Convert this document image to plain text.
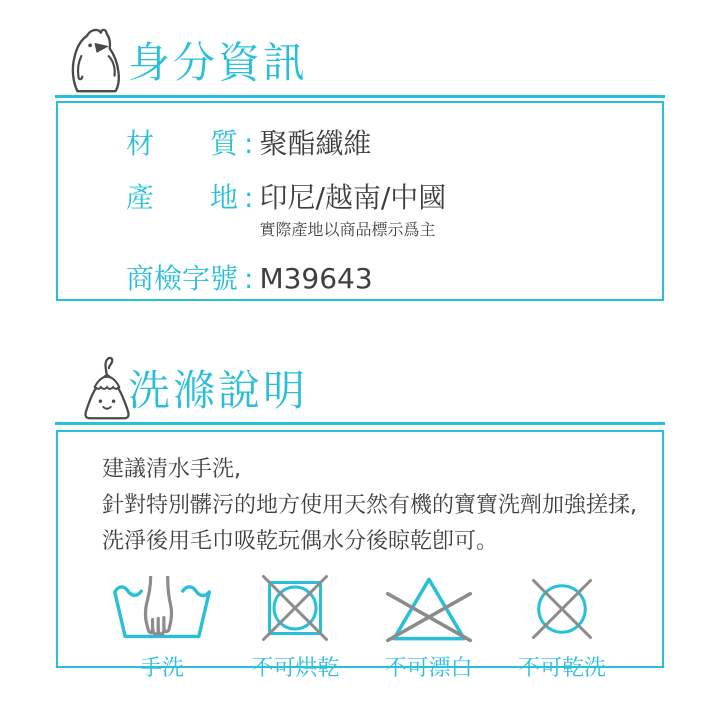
身分資訊
材　　質 : 聚酯纖維
產　　地 : 印尼/越南/中國
實際產地以商品標示爲主
商檢字號 : M39643
洗滌說明
建議清水手洗,
針對特別髒污的地方使用天然有機的寶寶洗劑加強搓揉,
洗淨後用毛巾吸乾玩偶水分後晾乾卽可。
手洗	不可烘乾 不可漂白 不可乾洗
